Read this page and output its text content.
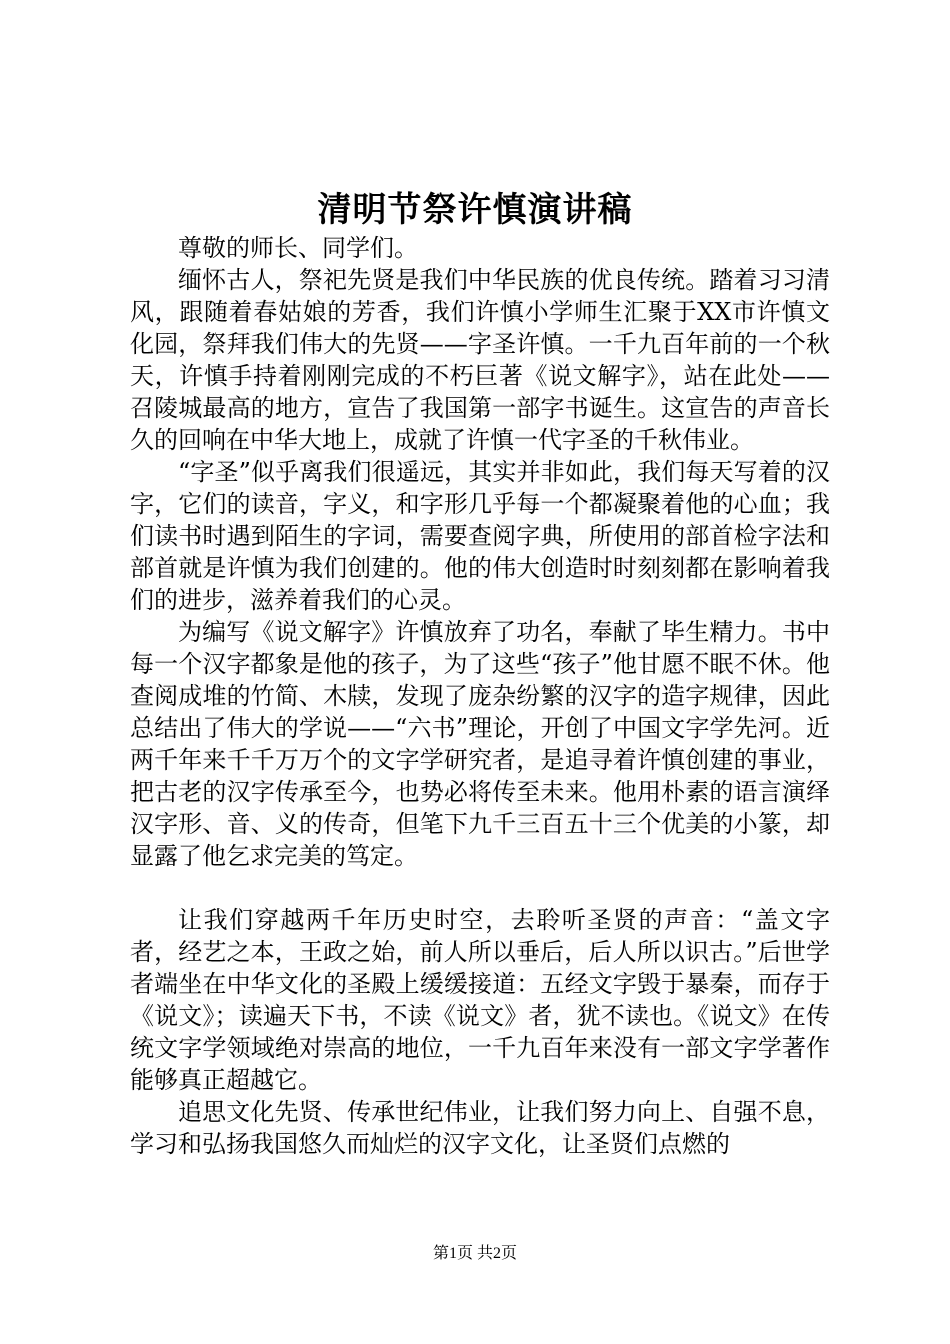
清明节祭许慎演讲稿

尊敬的师长、同学们。

缅怀古人，祭祀先贤是我们中华民族的优良传统。踏着习习清风，跟随着春姑娘的芳香，我们许慎小学师生汇聚于XX市许慎文化园，祭拜我们伟大的先贤——字圣许慎。一千九百年前的一个秋天，许慎手持着刚刚完成的不朽巨著《说文解字》，站在此处——召陵城最高的地方，宣告了我国第一部字书诞生。这宣告的声音长久的回响在中华大地上，成就了许慎一代字圣的千秋伟业。

“字圣”似乎离我们很遥远，其实并非如此，我们每天写着的汉字，它们的读音，字义，和字形几乎每一个都凝聚着他的心血；我们读书时遇到陌生的字词，需要查阅字典，所使用的部首检字法和部首就是许慎为我们创建的。他的伟大创造时时刻刻都在影响着我们的进步，滋养着我们的心灵。

为编写《说文解字》许慎放弃了功名，奉献了毕生精力。书中每一个汉字都象是他的孩子，为了这些“孩子”他甘愿不眠不休。他查阅成堆的竹简、木牍，发现了庞杂纷繁的汉字的造字规律，因此总结出了伟大的学说——“六书”理论，开创了中国文字学先河。近两千年来千千万万个的文字学研究者，是追寻着许慎创建的事业，把古老的汉字传承至今，也势必将传至未来。他用朴素的语言演绎汉字形、音、义的传奇，但笔下九千三百五十三个优美的小篆，却显露了他乞求完美的笃定。

让我们穿越两千年历史时空，去聆听圣贤的声音：“盖文字者，经艺之本，王政之始，前人所以垂后，后人所以识古。”后世学者端坐在中华文化的圣殿上缓缓接道：五经文字毁于暴秦，而存于《说文》；读遍天下书，不读《说文》者，犹不读也。《说文》在传统文字学领域绝对崇高的地位，一千九百年来没有一部文字学著作能够真正超越它。

追思文化先贤、传承世纪伟业，让我们努力向上、自强不息，学习和弘扬我国悠久而灿烂的汉字文化，让圣贤们点燃的

第1页 共2页
